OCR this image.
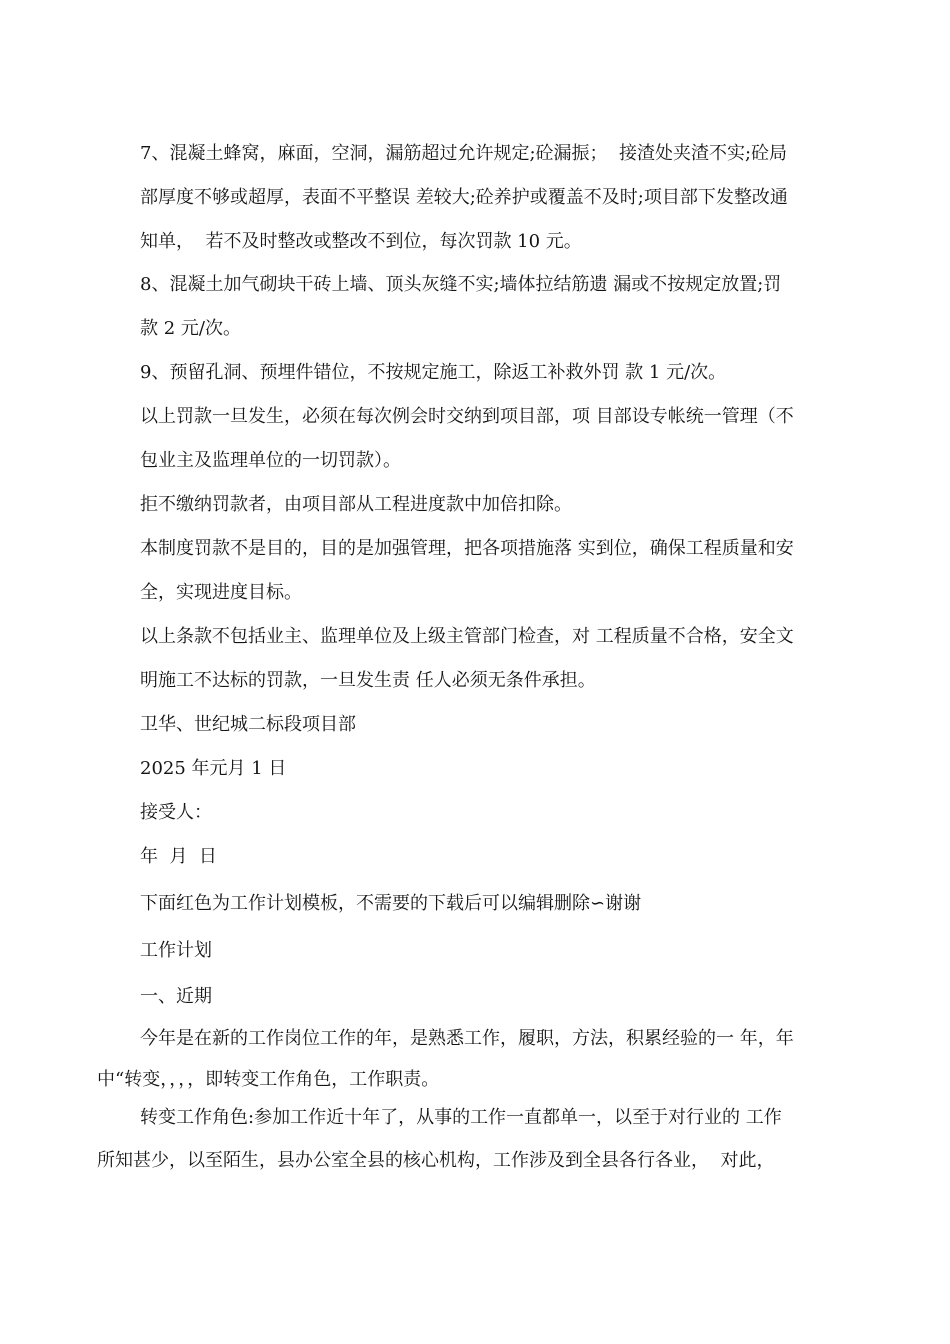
7、混凝土蜂窝，麻面，空洞，漏筋超过允许规定;砼漏振；  接渣处夹渣不实;砼局
部厚度不够或超厚，表面不平整误 差较大;砼养护或覆盖不及时;项目部下发整改通
知单，  若不及时整改或整改不到位，每次罚款 10 元。
8、混凝土加气砌块干砖上墙、顶头灰缝不实;墙体拉结筋遗 漏或不按规定放置;罚
款 2 元/次。
9、预留孔洞、预埋件错位，不按规定施工，除返工补救外罚 款 1 元/次。
以上罚款一旦发生，必须在每次例会时交纳到项目部，项 目部设专帐统一管理（不
包业主及监理单位的一切罚款）。
拒不缴纳罚款者，由项目部从工程进度款中加倍扣除。
本制度罚款不是目的，目的是加强管理，把各项措施落 实到位，确保工程质量和安
全，实现进度目标。
以上条款不包括业主、监理单位及上级主管部门检查，对 工程质量不合格，安全文
明施工不达标的罚款，一旦发生责 任人必须无条件承担。
卫华、世纪城二标段项目部
2025 年元月 1 日
接受人：
年  月  日
下面红色为工作计划模板，不需要的下载后可以编辑删除∽谢谢
工作计划
一、近期
今年是在新的工作岗位工作的年，是熟悉工作，履职，方法，积累经验的一 年，年
中“转变，，，，即转变工作角色，工作职责。
转变工作角色:参加工作近十年了，从事的工作一直都单一，以至于对行业的 工作
所知甚少，以至陌生，县办公室全县的核心机构，工作涉及到全县各行各业，  对此，
